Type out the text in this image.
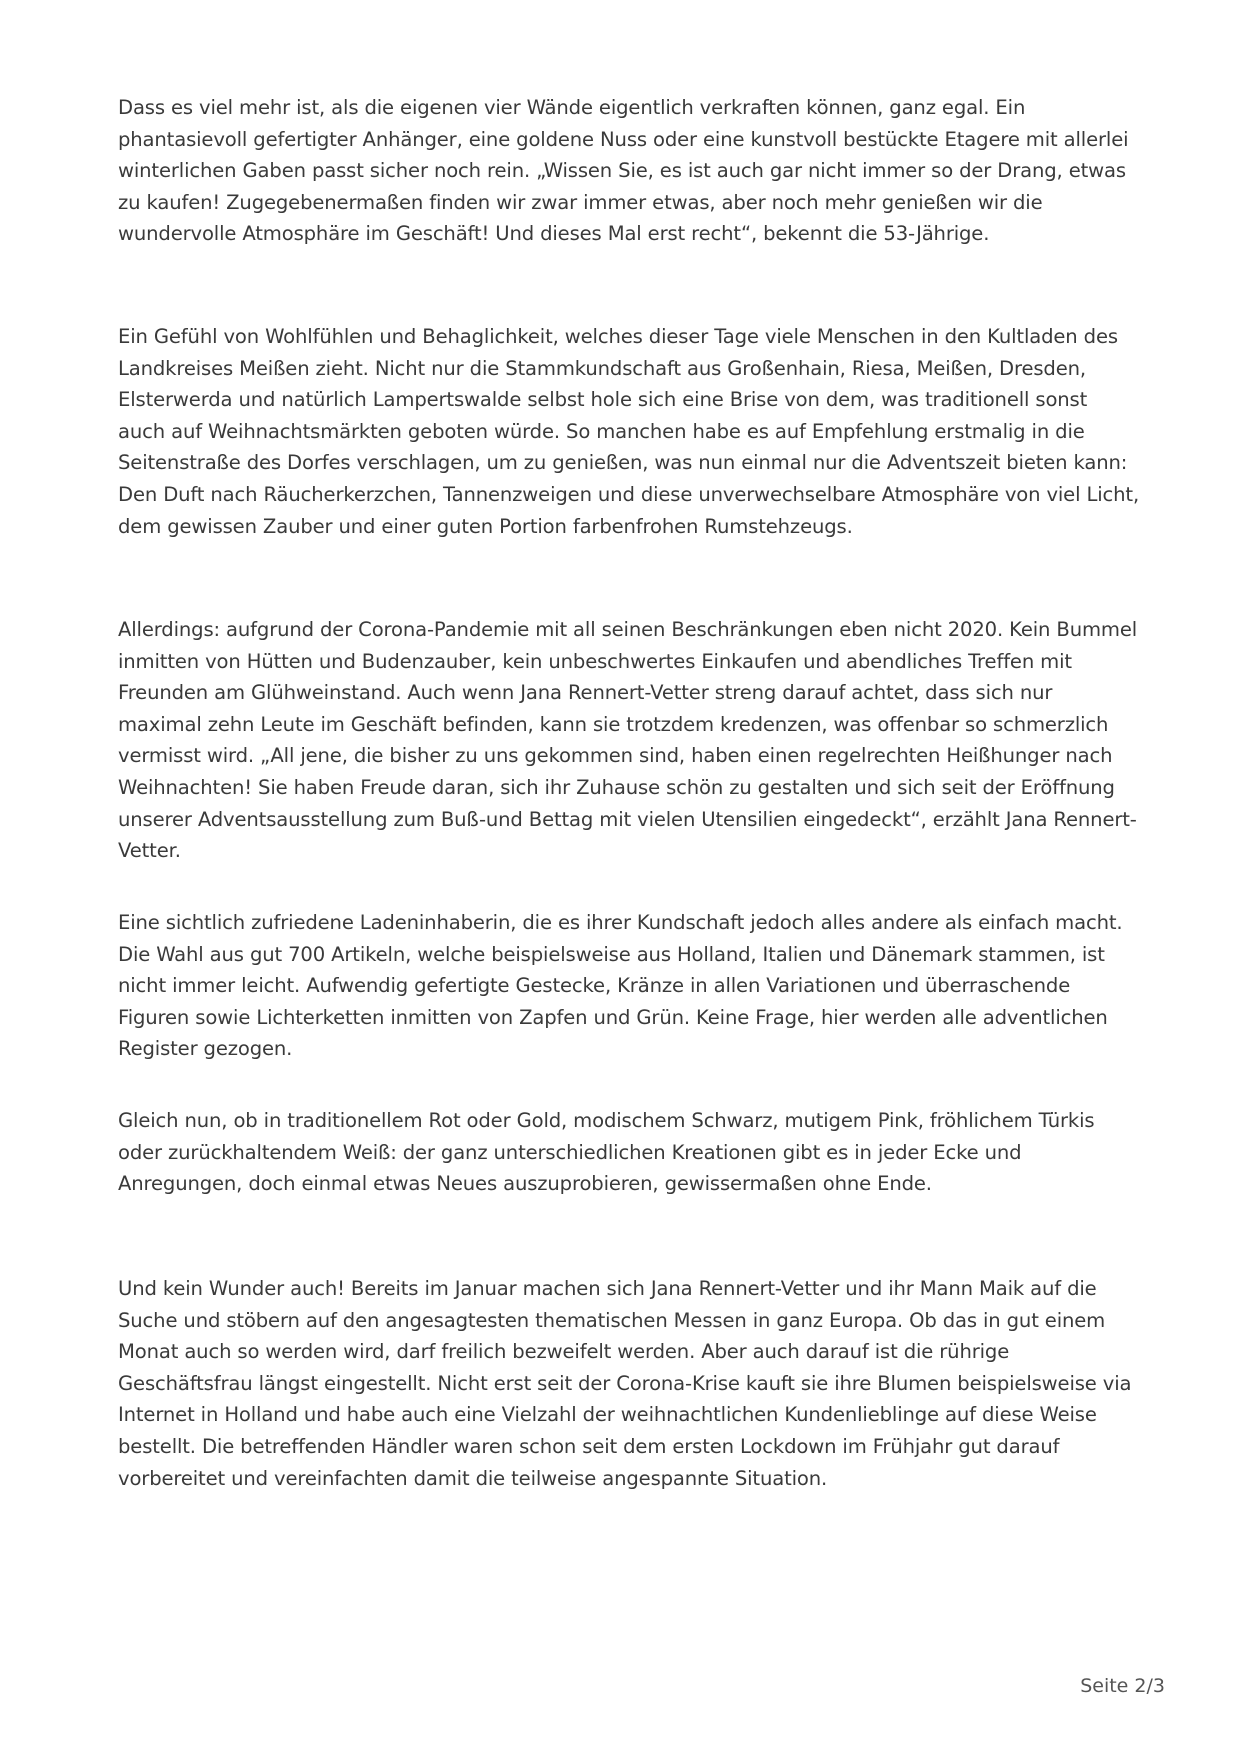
Dass es viel mehr ist, als die eigenen vier Wände eigentlich verkraften können, ganz egal. Ein phantasievoll gefertigter Anhänger, eine goldene Nuss oder eine kunstvoll bestückte Etagere mit allerlei winterlichen Gaben passt sicher noch rein. „Wissen Sie, es ist auch gar nicht immer so der Drang, etwas zu kaufen! Zugegebenermaßen finden wir zwar immer etwas, aber noch mehr genießen wir die wundervolle Atmosphäre im Geschäft! Und dieses Mal erst recht“, bekennt die 53-Jährige.

Ein Gefühl von Wohlfühlen und Behaglichkeit, welches dieser Tage viele Menschen in den Kultladen des Landkreises Meißen zieht. Nicht nur die Stammkundschaft aus Großenhain, Riesa, Meißen, Dresden, Elsterwerda und natürlich Lampertswalde selbst hole sich eine Brise von dem, was traditionell sonst auch auf Weihnachtsmärkten geboten würde. So manchen habe es auf Empfehlung erstmalig in die Seitenstraße des Dorfes verschlagen, um zu genießen, was nun einmal nur die Adventszeit bieten kann: Den Duft nach Räucherkerzchen, Tannenzweigen und diese unverwechselbare Atmosphäre von viel Licht, dem gewissen Zauber und einer guten Portion farbenfrohen Rumstehzeugs.

Allerdings: aufgrund der Corona-Pandemie mit all seinen Beschränkungen eben nicht 2020. Kein Bummel inmitten von Hütten und Budenzauber, kein unbeschwertes Einkaufen und abendliches Treffen mit Freunden am Glühweinstand. Auch wenn Jana Rennert-Vetter streng darauf achtet, dass sich nur maximal zehn Leute im Geschäft befinden, kann sie trotzdem kredenzen, was offenbar so schmerzlich vermisst wird. „All jene, die bisher zu uns gekommen sind, haben einen regelrechten Heißhunger nach Weihnachten! Sie haben Freude daran, sich ihr Zuhause schön zu gestalten und sich seit der Eröffnung unserer Adventsausstellung zum Buß-und Bettag mit vielen Utensilien eingedeckt“, erzählt Jana Rennert-Vetter.

Eine sichtlich zufriedene Ladeninhaberin, die es ihrer Kundschaft jedoch alles andere als einfach macht. Die Wahl aus gut 700 Artikeln, welche beispielsweise aus Holland, Italien und Dänemark stammen, ist nicht immer leicht. Aufwendig gefertigte Gestecke, Kränze in allen Variationen und überraschende Figuren sowie Lichterketten inmitten von Zapfen und Grün. Keine Frage, hier werden alle adventlichen Register gezogen.

Gleich nun, ob in traditionellem Rot oder Gold, modischem Schwarz, mutigem Pink, fröhlichem Türkis oder zurückhaltendem Weiß: der ganz unterschiedlichen Kreationen gibt es in jeder Ecke und Anregungen, doch einmal etwas Neues auszuprobieren, gewissermaßen ohne Ende.

Und kein Wunder auch! Bereits im Januar machen sich Jana Rennert-Vetter und ihr Mann Maik auf die Suche und stöbern auf den angesagtesten thematischen Messen in ganz Europa. Ob das in gut einem Monat auch so werden wird, darf freilich bezweifelt werden. Aber auch darauf ist die rührige Geschäftsfrau längst eingestellt. Nicht erst seit der Corona-Krise kauft sie ihre Blumen beispielsweise via Internet in Holland und habe auch eine Vielzahl der weihnachtlichen Kundenlieblinge auf diese Weise bestellt. Die betreffenden Händler waren schon seit dem ersten Lockdown im Frühjahr gut darauf vorbereitet und vereinfachten damit die teilweise angespannte Situation.

Seite 2/3
